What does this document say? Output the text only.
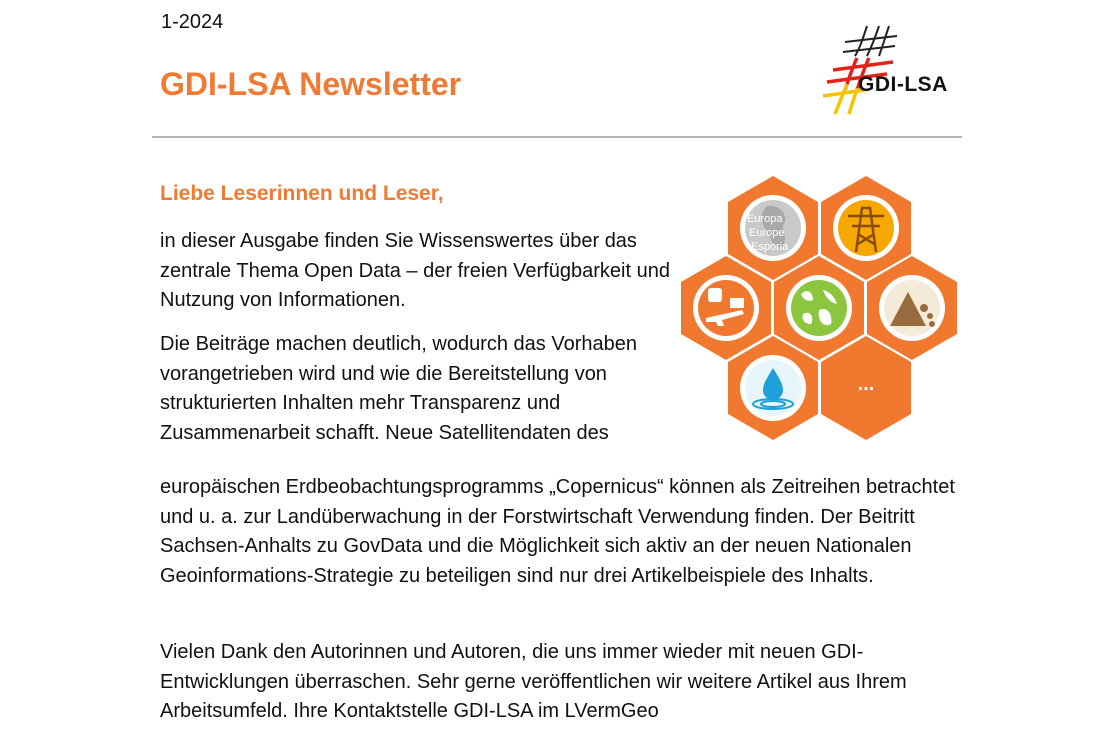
1-2024
GDI-LSA Newsletter	GDI-LSA
Liebe Leserinnen und Leser,

in dieser Ausgabe finden Sie Wissenswertes über das zentrale Thema Open Data – der freien Verfügbarkeit und Nutzung von Informationen.

Die Beiträge machen deutlich, wodurch das Vorhaben vorangetrieben wird und wie die Bereitstellung von strukturierten Inhalten mehr Transparenz und Zusammenarbeit schafft. Neue Satellitendaten des

europäischen Erdbeobachtungsprogramms „Copernicus“ können als Zeitreihen betrachtet und u. a. zur Landüberwachung in der Forstwirtschaft Verwendung finden. Der Beitritt Sachsen-Anhalts zu GovData und die Möglichkeit sich aktiv an der neuen Nationalen Geoinformations-Strategie zu beteiligen sind nur drei Artikelbeispiele des Inhalts.

Vielen Dank den Autorinnen und Autoren, die uns immer wieder mit neuen GDI-Entwicklungen überraschen. Sehr gerne veröffentlichen wir weitere Artikel aus Ihrem Arbeitsumfeld. Ihre Kontaktstelle GDI-LSA im LVermGeo

Europa
Europe
Esporia
...
